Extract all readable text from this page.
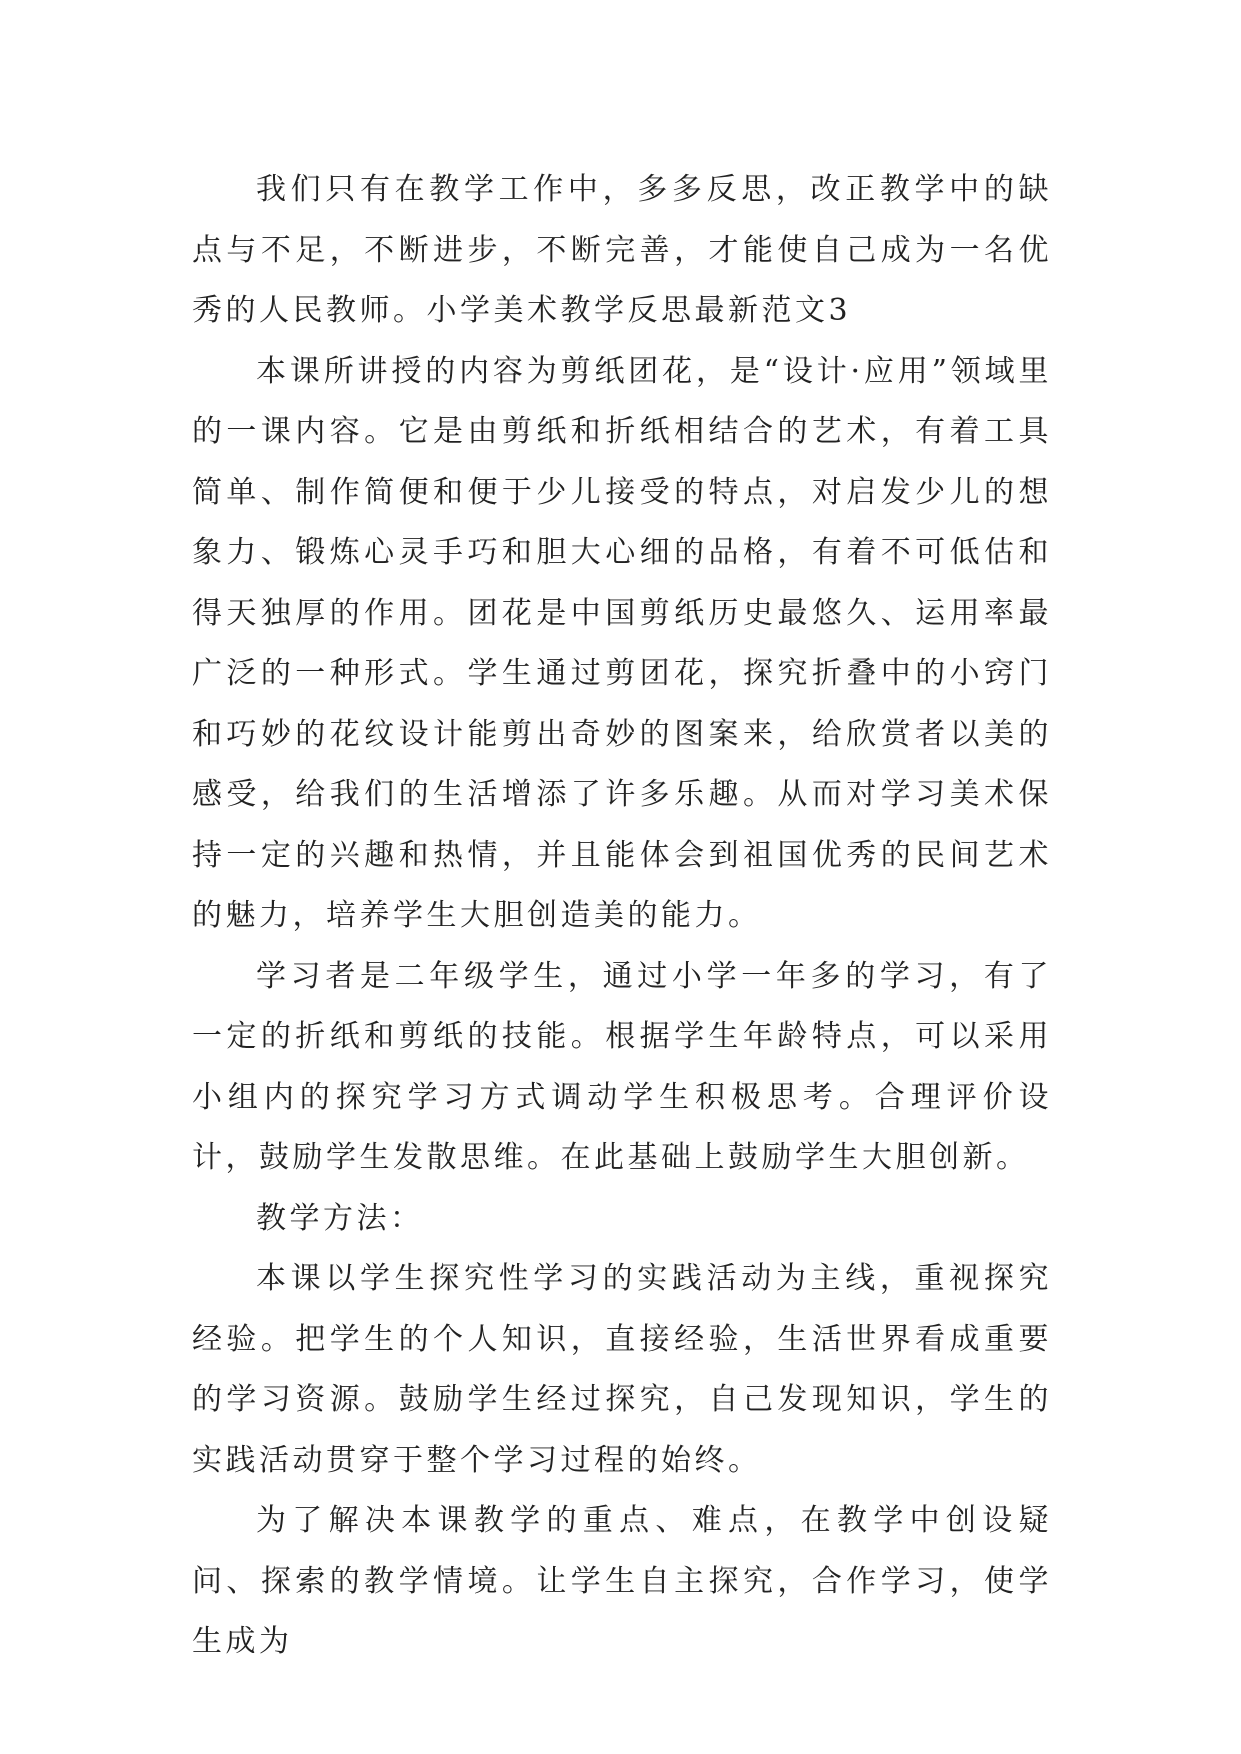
我们只有在教学工作中，多多反思，改正教学中的缺点与不足，不断进步，不断完善，才能使自己成为一名优秀的人民教师。小学美术教学反思最新范文3

本课所讲授的内容为剪纸团花，是“设计·应用”领域里的一课内容。它是由剪纸和折纸相结合的艺术，有着工具简单、制作简便和便于少儿接受的特点，对启发少儿的想象力、锻炼心灵手巧和胆大心细的品格，有着不可低估和得天独厚的作用。团花是中国剪纸历史最悠久、运用率最广泛的一种形式。学生通过剪团花，探究折叠中的小窍门和巧妙的花纹设计能剪出奇妙的图案来，给欣赏者以美的感受，给我们的生活增添了许多乐趣。从而对学习美术保持一定的兴趣和热情，并且能体会到祖国优秀的民间艺术的魅力，培养学生大胆创造美的能力。

学习者是二年级学生，通过小学一年多的学习，有了一定的折纸和剪纸的技能。根据学生年龄特点，可以采用小组内的探究学习方式调动学生积极思考。合理评价设计，鼓励学生发散思维。在此基础上鼓励学生大胆创新。

教学方法：

本课以学生探究性学习的实践活动为主线，重视探究经验。把学生的个人知识，直接经验，生活世界看成重要的学习资源。鼓励学生经过探究，自己发现知识，学生的实践活动贯穿于整个学习过程的始终。

为了解决本课教学的重点、难点，在教学中创设疑问、探索的教学情境。让学生自主探究，合作学习，使学生成为
